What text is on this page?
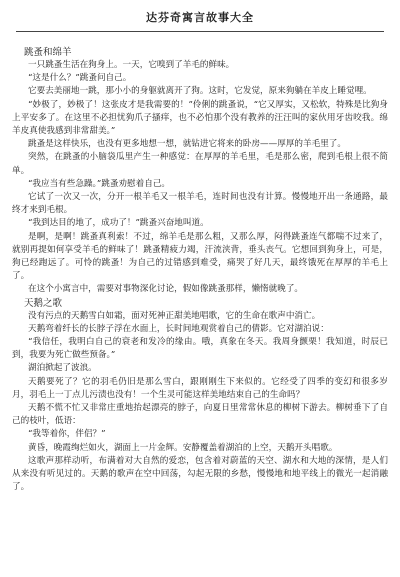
达芬奇寓言故事大全

跳蚤和绵羊

一只跳蚤生活在狗身上。一天，它嗅到了羊毛的鲜味。

“这是什么？”跳蚤问自己。

它要去美丽地一跳，那小小的身躯就离开了狗。这时，它发觉，原来狗躺在羊皮上睡觉哩。

“妙极了，妙极了！这张皮才是我需要的！”伶俐的跳蚤说，“它又厚实，又松软，特殊是比狗身上平安多了。在这里不必担忧狗爪子搔痒，也不必怕那个没有教养的汪汪叫的家伙用牙齿咬我。绵羊皮真使我感到非常甜美。”

跳蚤是这样快乐，也没有更多地想一想，就钻进它将来的卧房——厚厚的羊毛里了。

突然，在跳蚤的小脑袋瓜里产生一种感觉：在厚厚的羊毛里，毛是那么密，爬到毛根上很不简单。

“我应当有些急躁。”跳蚤劝慰着自己。

它试了一次又一次，分开一根羊毛又一根羊毛，连时间也没有计算。慢慢地开出一条通路，最终才来到毛根。

“我到达目的地了，成功了！”跳蚤兴奋地叫道。

是啊，是啊！跳蚤真利索！不过，绵羊毛是那么粗，又那么厚，闷得跳蚤连气都喘不过来了，就别再提如何享受羊毛的鲜味了！跳蚤精疲力竭，汗流浃背，垂头丧气。它想回到狗身上，可是，狗已经跑远了。可怜的跳蚤！为自己的过错感到难受，痛哭了好几天，最终饿死在厚厚的羊毛上了。

在这个小寓言中，需要对事物深化讨论，假如像跳蚤那样，懒惰就晚了。

天鹅之歌

没有污点的天鹅雪白如霜，面对死神正甜美地唱歌，它的生命在歌声中消亡。

天鹅弯着纤长的长脖子浮在水面上，长时间地观赏着自己的倩影。它对湖泊说：

“我信任，我明白自己的衰老和发冷的缘由。哦，真象在冬天。我周身颤栗！我知道，时辰已到，我要为死亡做些预备。”

湖泊掀起了波浪。

天鹅要死了？它的羽毛仍旧是那么雪白，跟刚刚生下来似的。它经受了四季的变幻和很多岁月，羽毛上一丁点儿污渍也没有！一个生灵可能这样美地结束自己的生命吗？

天鹅不慌不忙又非常庄重地抬起漂亮的脖子，向夏日里常常休息的柳树下游去。柳树垂下了自己的枝叶，低语：

“我等着你，伴侣？”

黄昏，晚霞绚烂如火，湖面上一片金辉。安静覆盖着湖泊的上空，天鹅开头唱歌。

这歌声那样动听，布满着对大自然的爱恋，包含着对蔚蓝的天空、湖水和大地的深情，是人们从来没有听见过的。天鹅的歌声在空中回荡，勾起无限的乡愁，慢慢地和地平线上的微光一起消融了。
